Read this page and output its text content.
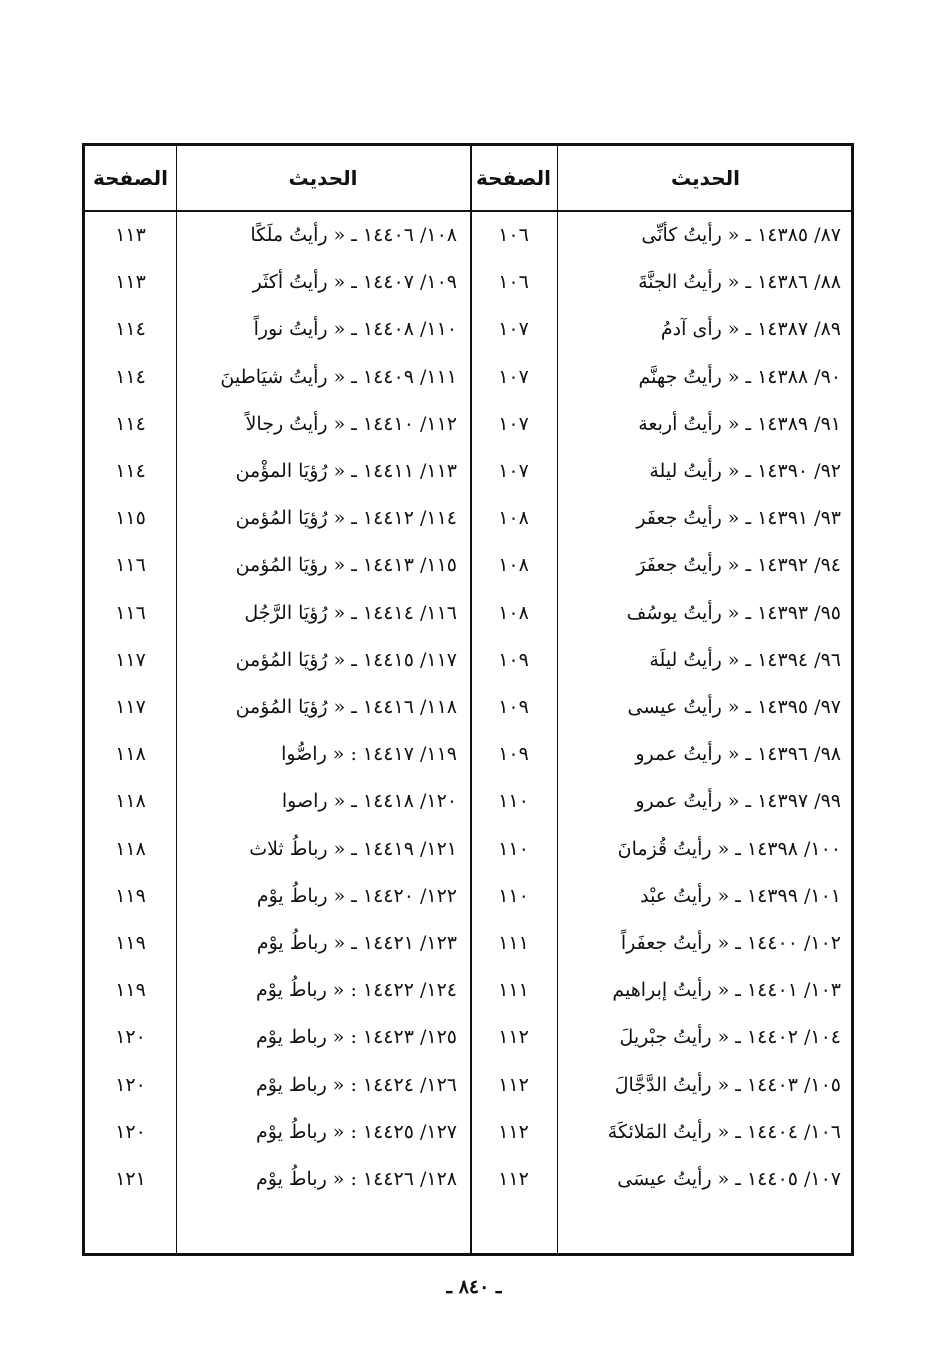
الصفحة	الحديث	الصفحة	الحديث
١١٣	١٠٨/ ١٤٤٠٦ ـ « رأيتُ ملَكًا	١٠٦	٨٧/ ١٤٣٨٥ ـ « رأيتُ كأنِّى
١١٣	١٠٩/ ١٤٤٠٧ ـ « رأيتُ أكثَر	١٠٦	٨٨/ ١٤٣٨٦ ـ « رأيتُ الجنَّةَ
١١٤	١١٠/ ١٤٤٠٨ ـ « رأيتُ نوراً	١٠٧	٨٩/ ١٤٣٨٧ ـ « رأى آدمُ
١١٤	١١١/ ١٤٤٠٩ ـ « رأيتُ شيَاطينَ	١٠٧	٩٠/ ١٤٣٨٨ ـ « رأيتُ جهنَّم
١١٤	١١٢/ ١٤٤١٠ ـ « رأيتُ رجالاً	١٠٧	٩١/ ١٤٣٨٩ ـ « رأيتُ أربعة
١١٤	١١٣/ ١٤٤١١ ـ « رُؤيَا المؤْمن	١٠٧	٩٢/ ١٤٣٩٠ ـ « رأيتُ ليلة
١١٥	١١٤/ ١٤٤١٢ ـ « رُؤيَا المُؤمن	١٠٨	٩٣/ ١٤٣٩١ ـ « رأيتُ جعفَر
١١٦	١١٥/ ١٤٤١٣ ـ « رؤيَا المُؤمن	١٠٨	٩٤/ ١٤٣٩٢ ـ « رأيتُ جعفَرَ
١١٦	١١٦/ ١٤٤١٤ ـ « رُؤيَا الرَّجُل	١٠٨	٩٥/ ١٤٣٩٣ ـ « رأيتُ يوسُف
١١٧	١١٧/ ١٤٤١٥ ـ « رُؤيَا المُؤمن	١٠٩	٩٦/ ١٤٣٩٤ ـ « رأيتُ ليلَة
١١٧	١١٨/ ١٤٤١٦ ـ « رُؤيَا المُؤمن	١٠٩	٩٧/ ١٤٣٩٥ ـ « رأيتُ عيسى
١١٨	١١٩/ ١٤٤١٧ : « راصُّوا	١٠٩	٩٨/ ١٤٣٩٦ ـ « رأيتُ عمرو
١١٨	١٢٠/ ١٤٤١٨ ـ « راصوا	١١٠	٩٩/ ١٤٣٩٧ ـ « رأيتُ عمرو
١١٨	١٢١/ ١٤٤١٩ ـ « رباطُ ثلاث	١١٠	١٠٠/ ١٤٣٩٨ ـ « رأيتُ قُزمانَ
١١٩	١٢٢/ ١٤٤٢٠ ـ « رباطُ يوْم	١١٠	١٠١/ ١٤٣٩٩ ـ « رأيتُ عبْد
١١٩	١٢٣/ ١٤٤٢١ ـ « رباطُ يوْم	١١١	١٠٢/ ١٤٤٠٠ ـ « رأيتُ جعفَراً
١١٩	١٢٤/ ١٤٤٢٢ : « رباطُ يوْم	١١١	١٠٣/ ١٤٤٠١ ـ « رأيتُ إبراهيم
١٢٠	١٢٥/ ١٤٤٢٣ : « رباط يوْم	١١٢	١٠٤/ ١٤٤٠٢ ـ « رأيتُ جبْريلَ
١٢٠	١٢٦/ ١٤٤٢٤ : « رباط يوْم	١١٢	١٠٥/ ١٤٤٠٣ ـ « رأيتُ الدَّجَّالَ
١٢٠	١٢٧/ ١٤٤٢٥ : « رباطُ يوْم	١١٢	١٠٦/ ١٤٤٠٤ ـ « رأيتُ المَلائكَةَ
١٢١	١٢٨/ ١٤٤٢٦ : « رباطُ يوْم	١١٢	١٠٧/ ١٤٤٠٥ ـ « رأيتُ عيسَى
ـ ٨٤٠ ـ
